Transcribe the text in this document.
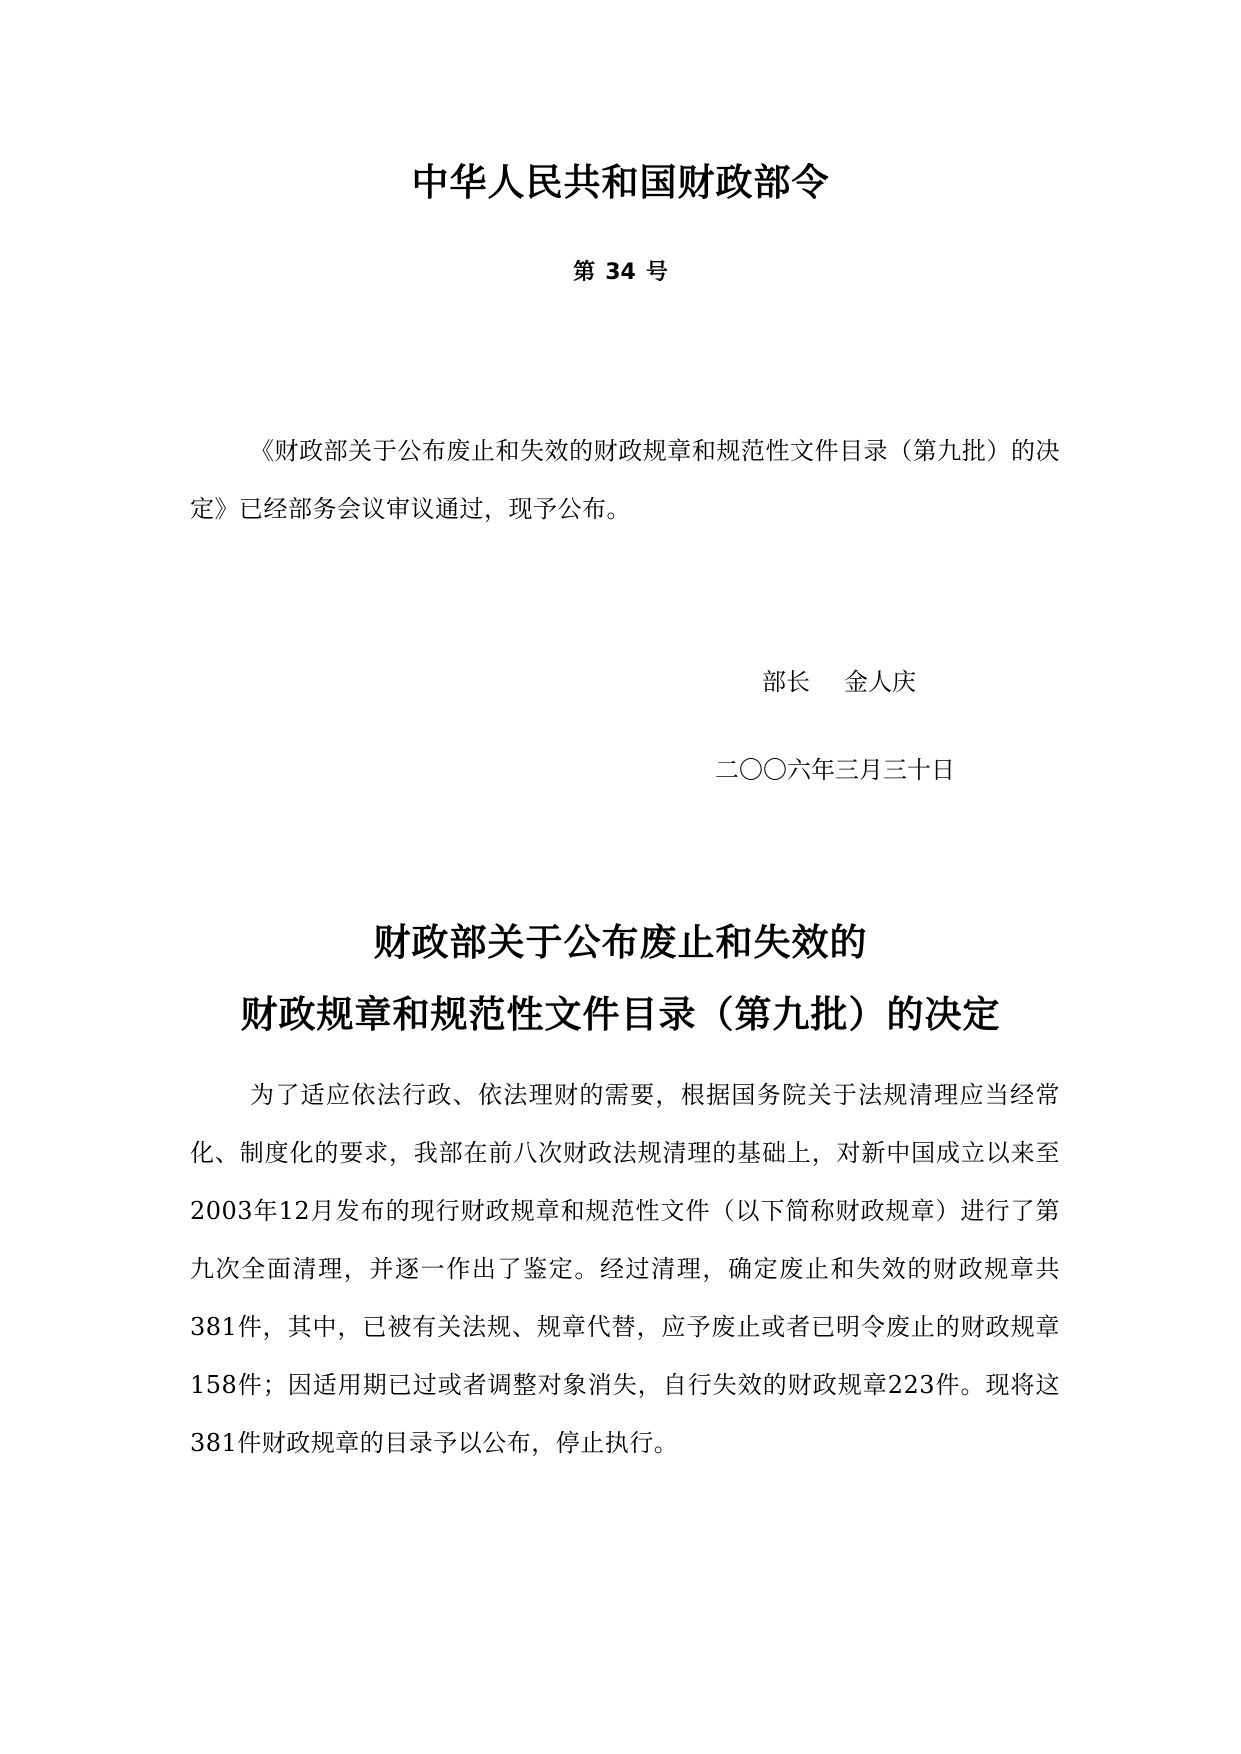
中华人民共和国财政部令
第 34 号

《财政部关于公布废止和失效的财政规章和规范性文件目录（第九批）的决定》已经部务会议审议通过，现予公布。

部长 金人庆
二〇〇六年三月三十日
财政部关于公布废止和失效的
财政规章和规范性文件目录（第九批）的决定

为了适应依法行政、依法理财的需要，根据国务院关于法规清理应当经常化、制度化的要求，我部在前八次财政法规清理的基础上，对新中国成立以来至2003年12月发布的现行财政规章和规范性文件（以下简称财政规章）进行了第九次全面清理，并逐一作出了鉴定。经过清理，确定废止和失效的财政规章共381件，其中，已被有关法规、规章代替，应予废止或者已明令废止的财政规章158件；因适用期已过或者调整对象消失，自行失效的财政规章223件。现将这381件财政规章的目录予以公布，停止执行。
